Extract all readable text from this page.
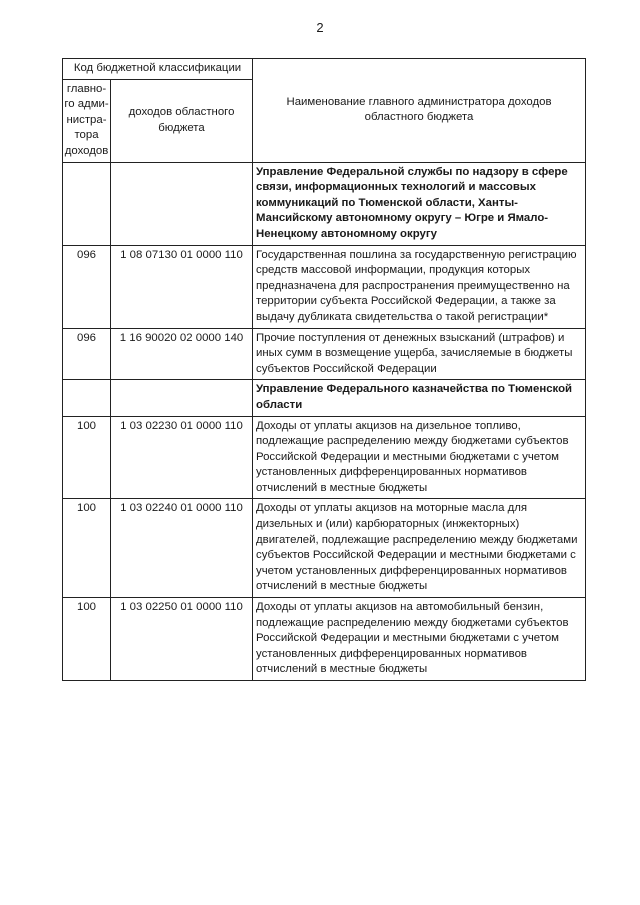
2
Код бюджетной классификации		Наименование главного администратора доходов областного бюджета
главно-го адми-нистра-тора доходов	доходов областного бюджета	
		Управление Федеральной службы по надзору в сфере связи, информационных технологий и массовых коммуникаций по Тюменской области, Ханты-Мансийскому автономному округу – Югре и Ямало-Ненецкому автономному округу
096	1 08 07130 01 0000 110	Государственная пошлина за государственную регистрацию средств массовой информации, продукция которых предназначена для распространения преимущественно на территории субъекта Российской Федерации, а также за выдачу дубликата свидетельства о такой регистрации*
096	1 16 90020 02 0000 140	Прочие поступления от денежных взысканий (штрафов) и иных сумм в возмещение ущерба, зачисляемые в бюджеты субъектов Российской Федерации
		Управление Федерального казначейства по Тюменской области
100	1 03 02230 01 0000 110	Доходы от уплаты акцизов на дизельное топливо, подлежащие распределению между бюджетами субъектов Российской Федерации и местными бюджетами с учетом установленных дифференцированных нормативов отчислений в местные бюджеты
100	1 03 02240 01 0000 110	Доходы от уплаты акцизов на моторные масла для дизельных и (или) карбюраторных (инжекторных) двигателей, подлежащие распределению между бюджетами субъектов Российской Федерации и местными бюджетами с учетом установленных дифференцированных нормативов отчислений в местные бюджеты
100	1 03 02250 01 0000 110	Доходы от уплаты акцизов на автомобильный бензин, подлежащие распределению между бюджетами субъектов Российской Федерации и местными бюджетами с учетом установленных дифференцированных нормативов отчислений в местные бюджеты
